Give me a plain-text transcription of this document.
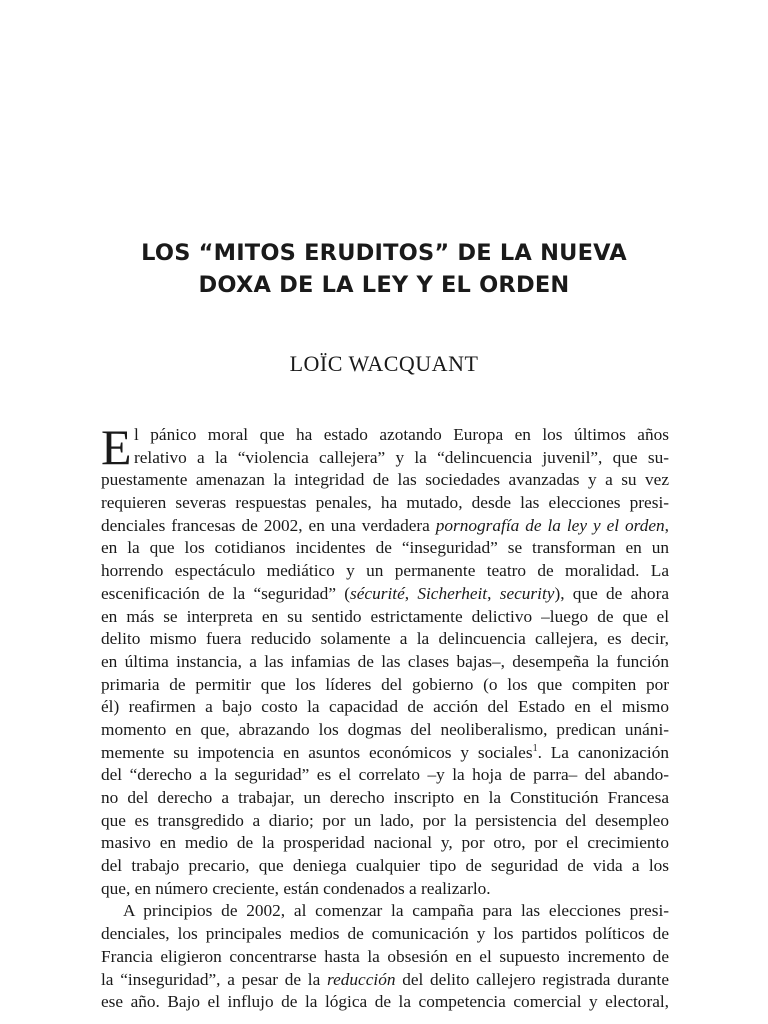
LOS “MITOS ERUDITOS” DE LA NUEVA
DOXA DE LA LEY Y EL ORDEN
LOÏC WACQUANT
E l pánico moral que ha estado azotando Europa en los últimos años
relativo a la “violencia callejera” y la “delincuencia juvenil”, que su-
puestamente amenazan la integridad de las sociedades avanzadas y a su vez
requieren severas respuestas penales, ha mutado, desde las elecciones presi-
denciales francesas de 2002, en una verdadera pornografía de la ley y el orden,
en la que los cotidianos incidentes de “inseguridad” se transforman en un
horrendo espectáculo mediático y un permanente teatro de moralidad. La
escenificación de la “seguridad” (sécurité, Sicherheit, security), que de ahora
en más se interpreta en su sentido estrictamente delictivo –luego de que el
delito mismo fuera reducido solamente a la delincuencia callejera, es decir,
en última instancia, a las infamias de las clases bajas–, desempeña la función
primaria de permitir que los líderes del gobierno (o los que compiten por
él) reafirmen a bajo costo la capacidad de acción del Estado en el mismo
momento en que, abrazando los dogmas del neoliberalismo, predican unáni-
memente su impotencia en asuntos económicos y sociales$^1$. La canonización
del “derecho a la seguridad” es el correlato –y la hoja de parra– del abando-
no del derecho a trabajar, un derecho inscripto en la Constitución Francesa
que es transgredido a diario; por un lado, por la persistencia del desempleo
masivo en medio de la prosperidad nacional y, por otro, por el crecimiento
del trabajo precario, que deniega cualquier tipo de seguridad de vida a los
que, en número creciente, están condenados a realizarlo.
A principios de 2002, al comenzar la campaña para las elecciones presi-
denciales, los principales medios de comunicación y los partidos políticos de
Francia eligieron concentrarse hasta la obsesión en el supuesto incremento de
la “inseguridad”, a pesar de la reducción del delito callejero registrada durante
ese año. Bajo el influjo de la lógica de la competencia comercial y electoral,
